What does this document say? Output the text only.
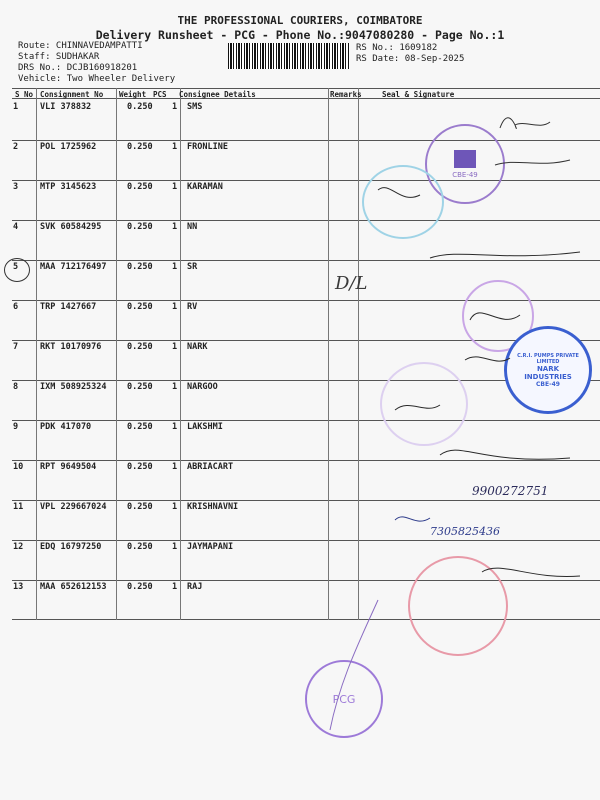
THE PROFESSIONAL COURIERS, COIMBATORE
Delivery Runsheet - PCG - Phone No.:9047080280 - Page No.:1
Route: CHINNAVEDAMPATTI
Staff: SUDHAKAR
DRS No.: DCJB160918201
Vehicle: Two Wheeler Delivery
RS No.: 1609182
RS Date: 08-Sep-2025
S No Consignment No Weight PCS Consignee Details	Remarks	Seal & Signature
1	VLI 378832	0.250 1 SMS
2	POL 1725962	0.250 1 FRONLINE
3	MTP 3145623	0.250 1 KARAMAN
4	SVK 60584295	0.250 1 NN
5	MAA 712176497 0.250 1 SR
6	TRP 1427667	0.250 1 RV
7	RKT 10170976	0.250 1 NARK
8	IXM 508925324 0.250 1 NARGOO
9	PDK 417070	0.250 1 LAKSHMI
10 RPT 9649504	0.250 1 ABRIACART
11 VPL 229667024 0.250 1 KRISHNAVNI
12 EDQ 16797250	0.250 1 JAYMAPANI
13 MAA 652612153 0.250 1 RAJ
CBE-49
C.R.I. PUMPS PRIVATE LIMITED
NARK
INDUSTRIES
CBE-49
PCG
D/L
9900272751
7305825436
